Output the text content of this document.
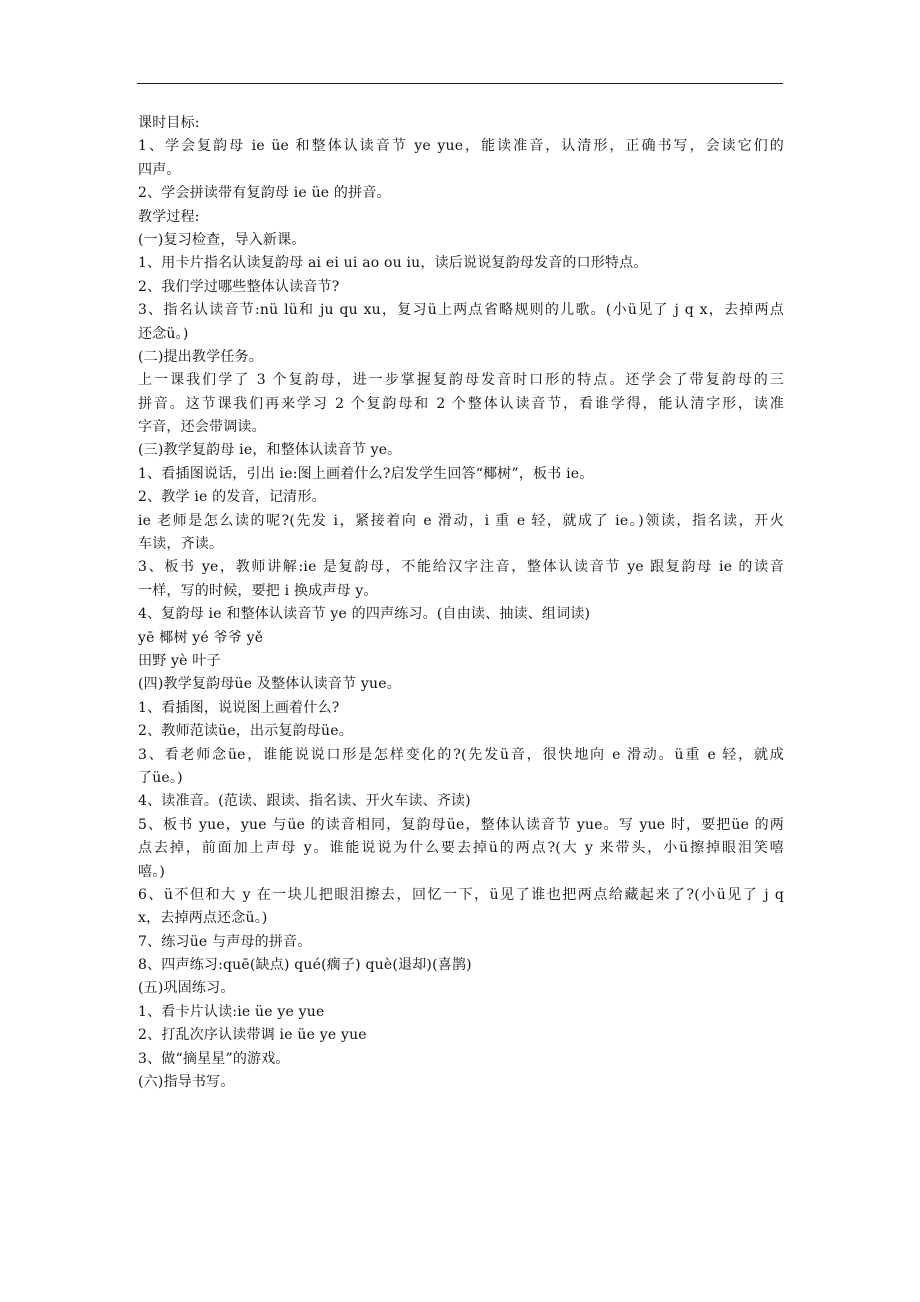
课时目标:
1、学会复韵母 ie üe 和整体认读音节 ye yue，能读准音，认清形，正确书写，会读它们的
四声。
2、学会拼读带有复韵母 ie üe 的拼音。
教学过程:
(一)复习检查，导入新课。
1、用卡片指名认读复韵母 ai ei ui ao ou iu，读后说说复韵母发音的口形特点。
2、我们学过哪些整体认读音节?
3、指名认读音节:nü lü和 ju qu xu，复习ü上两点省略规则的儿歌。(小ü见了 j q x，去掉两点
还念ü。)
(二)提出教学任务。
上一课我们学了 3 个复韵母，进一步掌握复韵母发音时口形的特点。还学会了带复韵母的三
拼音。这节课我们再来学习 2 个复韵母和 2 个整体认读音节，看谁学得，能认清字形，读准
字音，还会带调读。
(三)教学复韵母 ie，和整体认读音节 ye。
1、看插图说话，引出 ie:图上画着什么?启发学生回答“椰树”，板书 ie。
2、教学 ie 的发音，记清形。
ie 老师是怎么读的呢?(先发 i，紧接着向 e 滑动，i 重 e 轻，就成了 ie。)领读，指名读，开火
车读，齐读。
3、板书 ye，教师讲解:ie 是复韵母，不能给汉字注音，整体认读音节 ye 跟复韵母 ie 的读音
一样，写的时候，要把 i 换成声母 y。
4、复韵母 ie 和整体认读音节 ye 的四声练习。(自由读、抽读、组词读)
yē 椰树 yé 爷爷 yě
田野 yè 叶子
(四)教学复韵母üe 及整体认读音节 yue。
1、看插图，说说图上画着什么?
2、教师范读üe，出示复韵母üe。
3、看老师念üe，谁能说说口形是怎样变化的?(先发ü音，很快地向 e 滑动。ü重 e 轻，就成
了üe。)
4、读准音。(范读、跟读、指名读、开火车读、齐读)
5、板书 yue，yue 与üe 的读音相同，复韵母üe，整体认读音节 yue。写 yue 时，要把üe 的两
点去掉，前面加上声母 y。谁能说说为什么要去掉ü的两点?(大 y 来带头，小ü擦掉眼泪笑嘻
嘻。)
6、ü不但和大 y 在一块儿把眼泪擦去，回忆一下，ü见了谁也把两点给藏起来了?(小ü见了 j q
x，去掉两点还念ü。)
7、练习üe 与声母的拼音。
8、四声练习:quē(缺点) qué(瘸子) què(退却)(喜鹊)
(五)巩固练习。
1、看卡片认读:ie üe ye yue
2、打乱次序认读带调 ie üe ye yue
3、做“摘星星”的游戏。
(六)指导书写。
